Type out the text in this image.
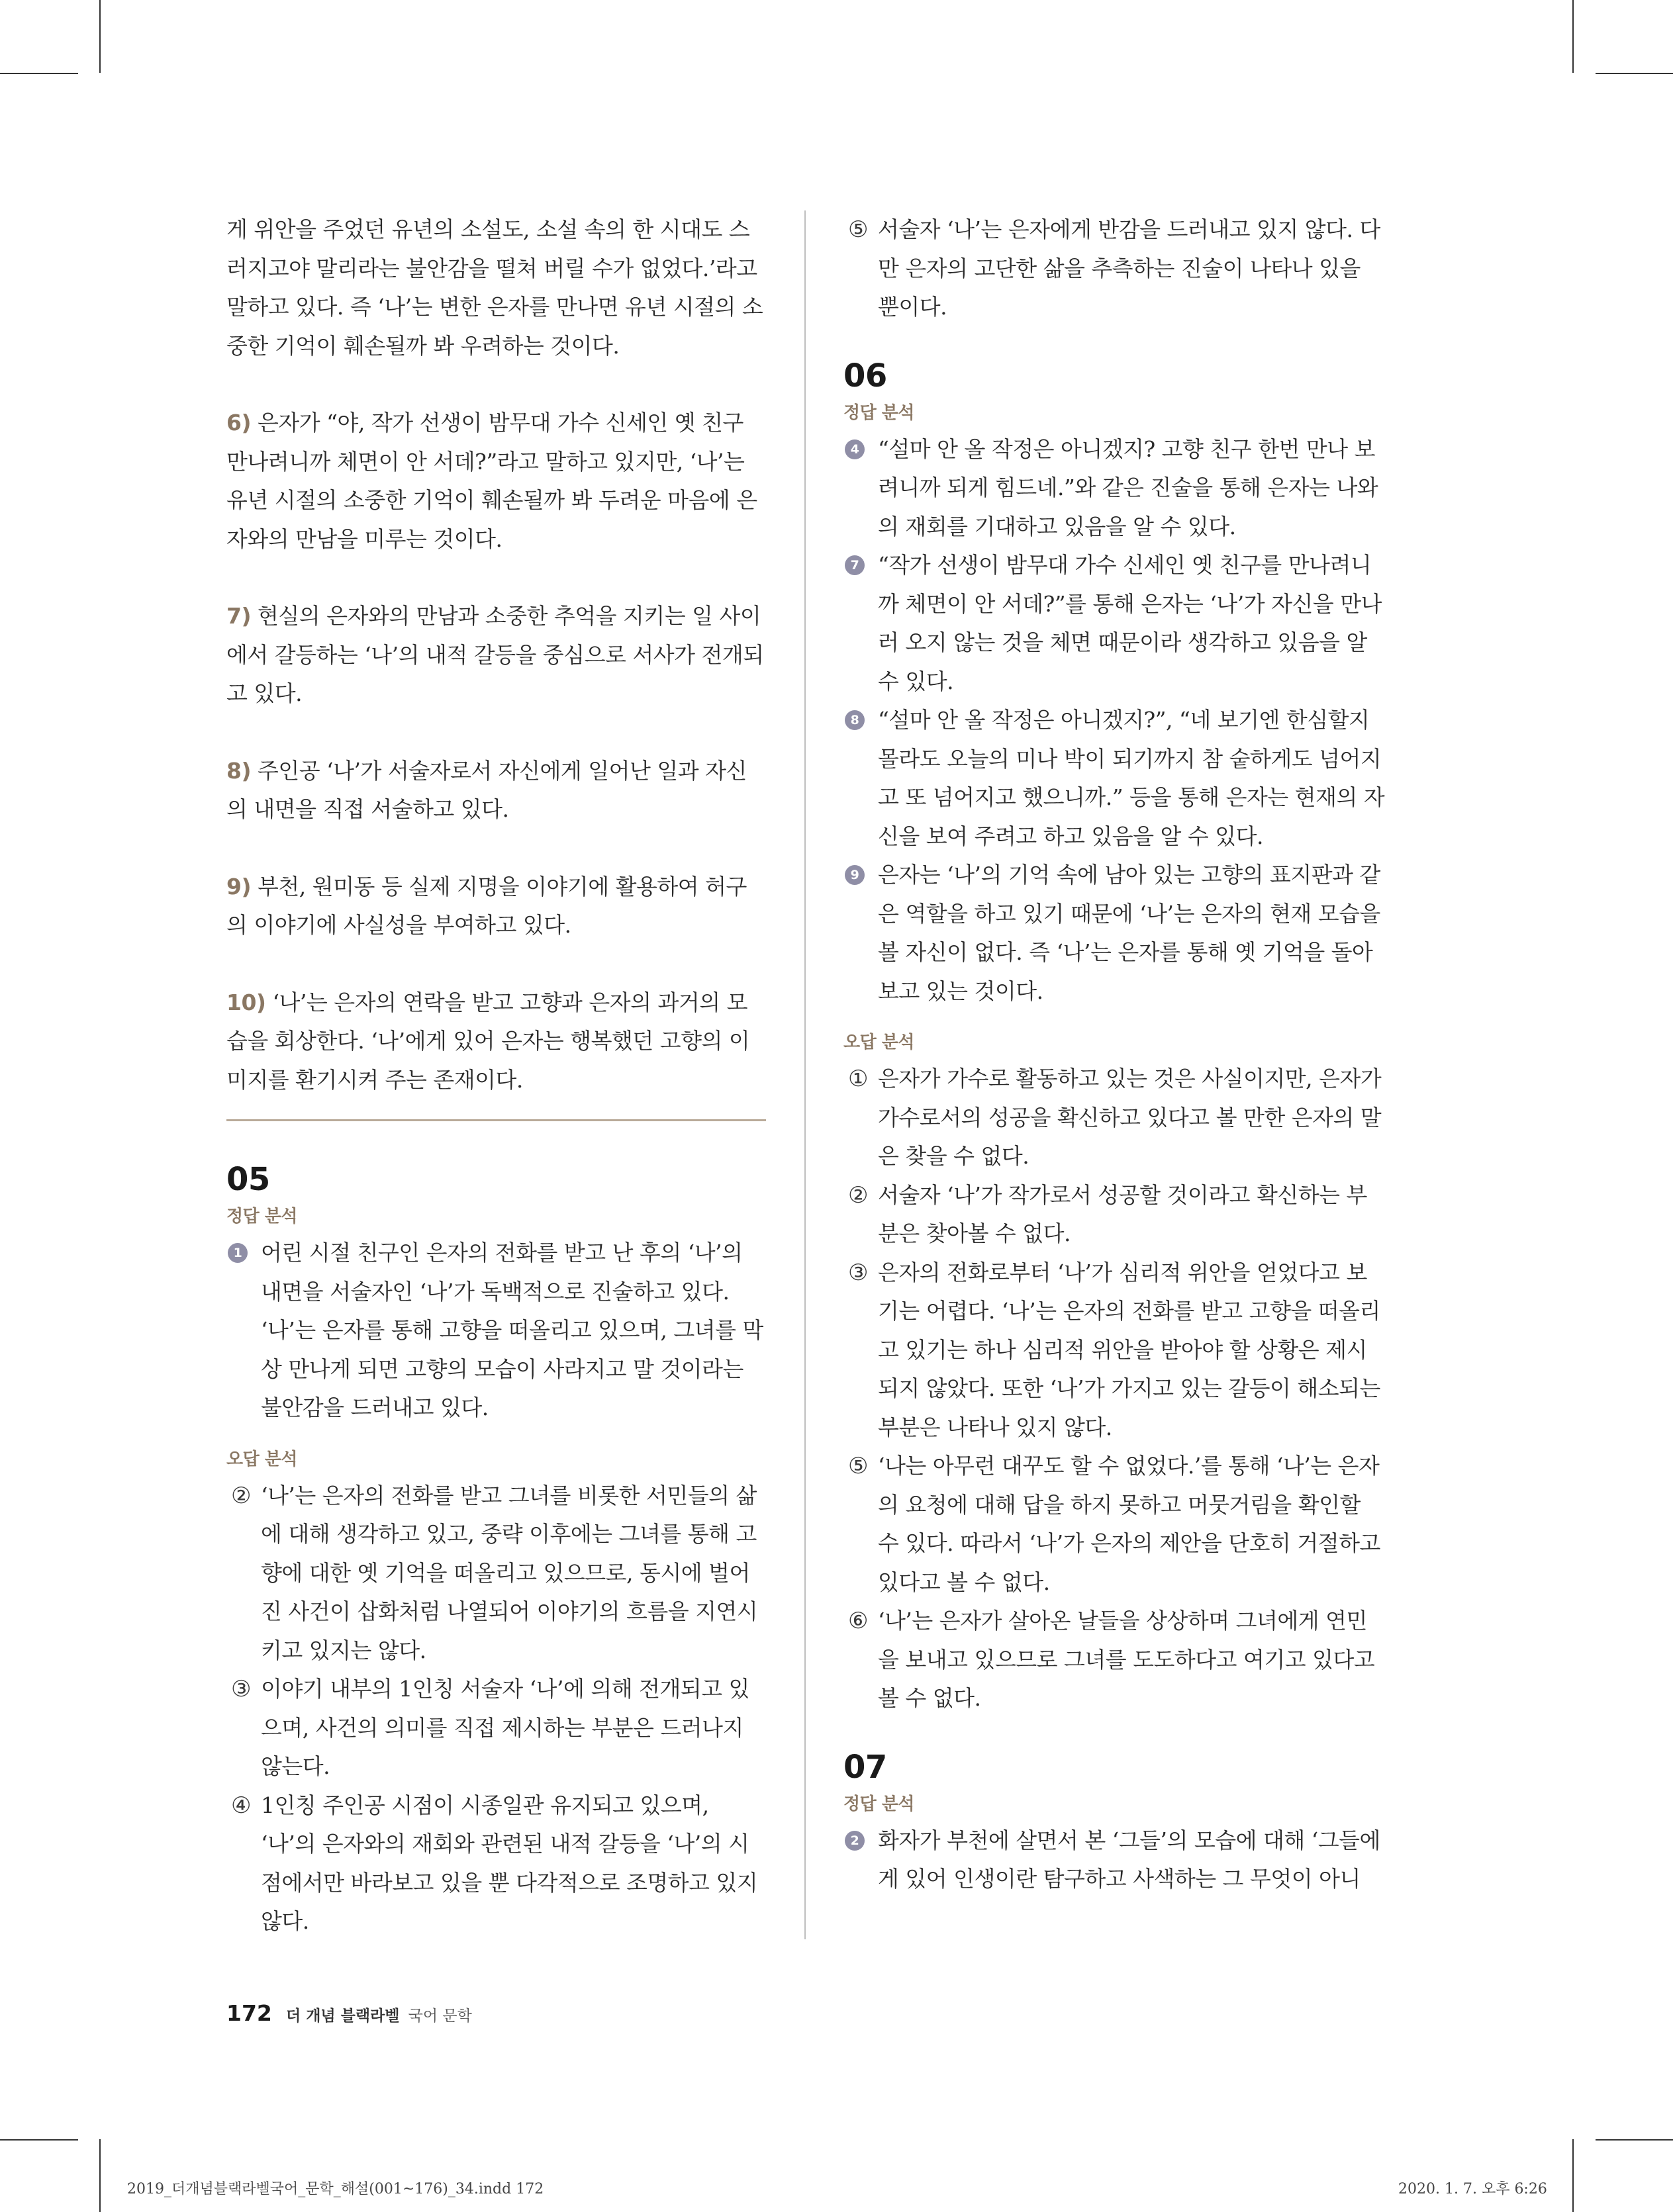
게 위안을 주었던 유년의 소설도, 소설 속의 한 시대도 스러지고야 말리라는 불안감을 떨쳐 버릴 수가 없었다.’라고 말하고 있다. 즉 ‘나’는 변한 은자를 만나면 유년 시절의 소중한 기억이 훼손될까 봐 우려하는 것이다.

6) 은자가 “야, 작가 선생이 밤무대 가수 신세인 옛 친구 만나려니까 체면이 안 서데?”라고 말하고 있지만, ‘나’는 유년 시절의 소중한 기억이 훼손될까 봐 두려운 마음에 은자와의 만남을 미루는 것이다.

7) 현실의 은자와의 만남과 소중한 추억을 지키는 일 사이에서 갈등하는 ‘나’의 내적 갈등을 중심으로 서사가 전개되고 있다.

8) 주인공 ‘나’가 서술자로서 자신에게 일어난 일과 자신의 내면을 직접 서술하고 있다.

9) 부천, 원미동 등 실제 지명을 이야기에 활용하여 허구의 이야기에 사실성을 부여하고 있다.

10) ‘나’는 은자의 연락을 받고 고향과 은자의 과거의 모습을 회상한다. ‘나’에게 있어 은자는 행복했던 고향의 이미지를 환기시켜 주는 존재이다.

05
정답 분석
1 어린 시절 친구인 은자의 전화를 받고 난 후의 ‘나’의 내면을 서술자인 ‘나’가 독백적으로 진술하고 있다. ‘나’는 은자를 통해 고향을 떠올리고 있으며, 그녀를 막상 만나게 되면 고향의 모습이 사라지고 말 것이라는 불안감을 드러내고 있다.
오답 분석
② ‘나’는 은자의 전화를 받고 그녀를 비롯한 서민들의 삶에 대해 생각하고 있고, 중략 이후에는 그녀를 통해 고향에 대한 옛 기억을 떠올리고 있으므로, 동시에 벌어진 사건이 삽화처럼 나열되어 이야기의 흐름을 지연시키고 있지는 않다.
③ 이야기 내부의 1인칭 서술자 ‘나’에 의해 전개되고 있으며, 사건의 의미를 직접 제시하는 부분은 드러나지 않는다.
④ 1인칭 주인공 시점이 시종일관 유지되고 있으며, ‘나’의 은자와의 재회와 관련된 내적 갈등을 ‘나’의 시점에서만 바라보고 있을 뿐 다각적으로 조명하고 있지 않다.
⑤ 서술자 ‘나’는 은자에게 반감을 드러내고 있지 않다. 다만 은자의 고단한 삶을 추측하는 진술이 나타나 있을 뿐이다.
06
정답 분석
4 “설마 안 올 작정은 아니겠지? 고향 친구 한번 만나 보려니까 되게 힘드네.”와 같은 진술을 통해 은자는 나와의 재회를 기대하고 있음을 알 수 있다.
7 “작가 선생이 밤무대 가수 신세인 옛 친구를 만나려니까 체면이 안 서데?”를 통해 은자는 ‘나’가 자신을 만나러 오지 않는 것을 체면 때문이라 생각하고 있음을 알 수 있다.
8 “설마 안 올 작정은 아니겠지?”, “네 보기엔 한심할지 몰라도 오늘의 미나 박이 되기까지 참 숱하게도 넘어지고 또 넘어지고 했으니까.” 등을 통해 은자는 현재의 자신을 보여 주려고 하고 있음을 알 수 있다.
9 은자는 ‘나’의 기억 속에 남아 있는 고향의 표지판과 같은 역할을 하고 있기 때문에 ‘나’는 은자의 현재 모습을 볼 자신이 없다. 즉 ‘나’는 은자를 통해 옛 기억을 돌아보고 있는 것이다.
오답 분석
① 은자가 가수로 활동하고 있는 것은 사실이지만, 은자가 가수로서의 성공을 확신하고 있다고 볼 만한 은자의 말은 찾을 수 없다.
② 서술자 ‘나’가 작가로서 성공할 것이라고 확신하는 부분은 찾아볼 수 없다.
③ 은자의 전화로부터 ‘나’가 심리적 위안을 얻었다고 보기는 어렵다. ‘나’는 은자의 전화를 받고 고향을 떠올리고 있기는 하나 심리적 위안을 받아야 할 상황은 제시되지 않았다. 또한 ‘나’가 가지고 있는 갈등이 해소되는 부분은 나타나 있지 않다.
⑤ ‘나는 아무런 대꾸도 할 수 없었다.’를 통해 ‘나’는 은자의 요청에 대해 답을 하지 못하고 머뭇거림을 확인할 수 있다. 따라서 ‘나’가 은자의 제안을 단호히 거절하고 있다고 볼 수 없다.
⑥ ‘나’는 은자가 살아온 날들을 상상하며 그녀에게 연민을 보내고 있으므로 그녀를 도도하다고 여기고 있다고 볼 수 없다.
07
정답 분석
2 화자가 부천에 살면서 본 ‘그들’의 모습에 대해 ‘그들에게 있어 인생이란 탐구하고 사색하는 그 무엇이 아니
172 더 개념 블랙라벨 국어 문학
2019_더개념블랙라벨국어_문학_해설(001~176)_34.indd 172	2020. 1. 7. 오후 6:26
